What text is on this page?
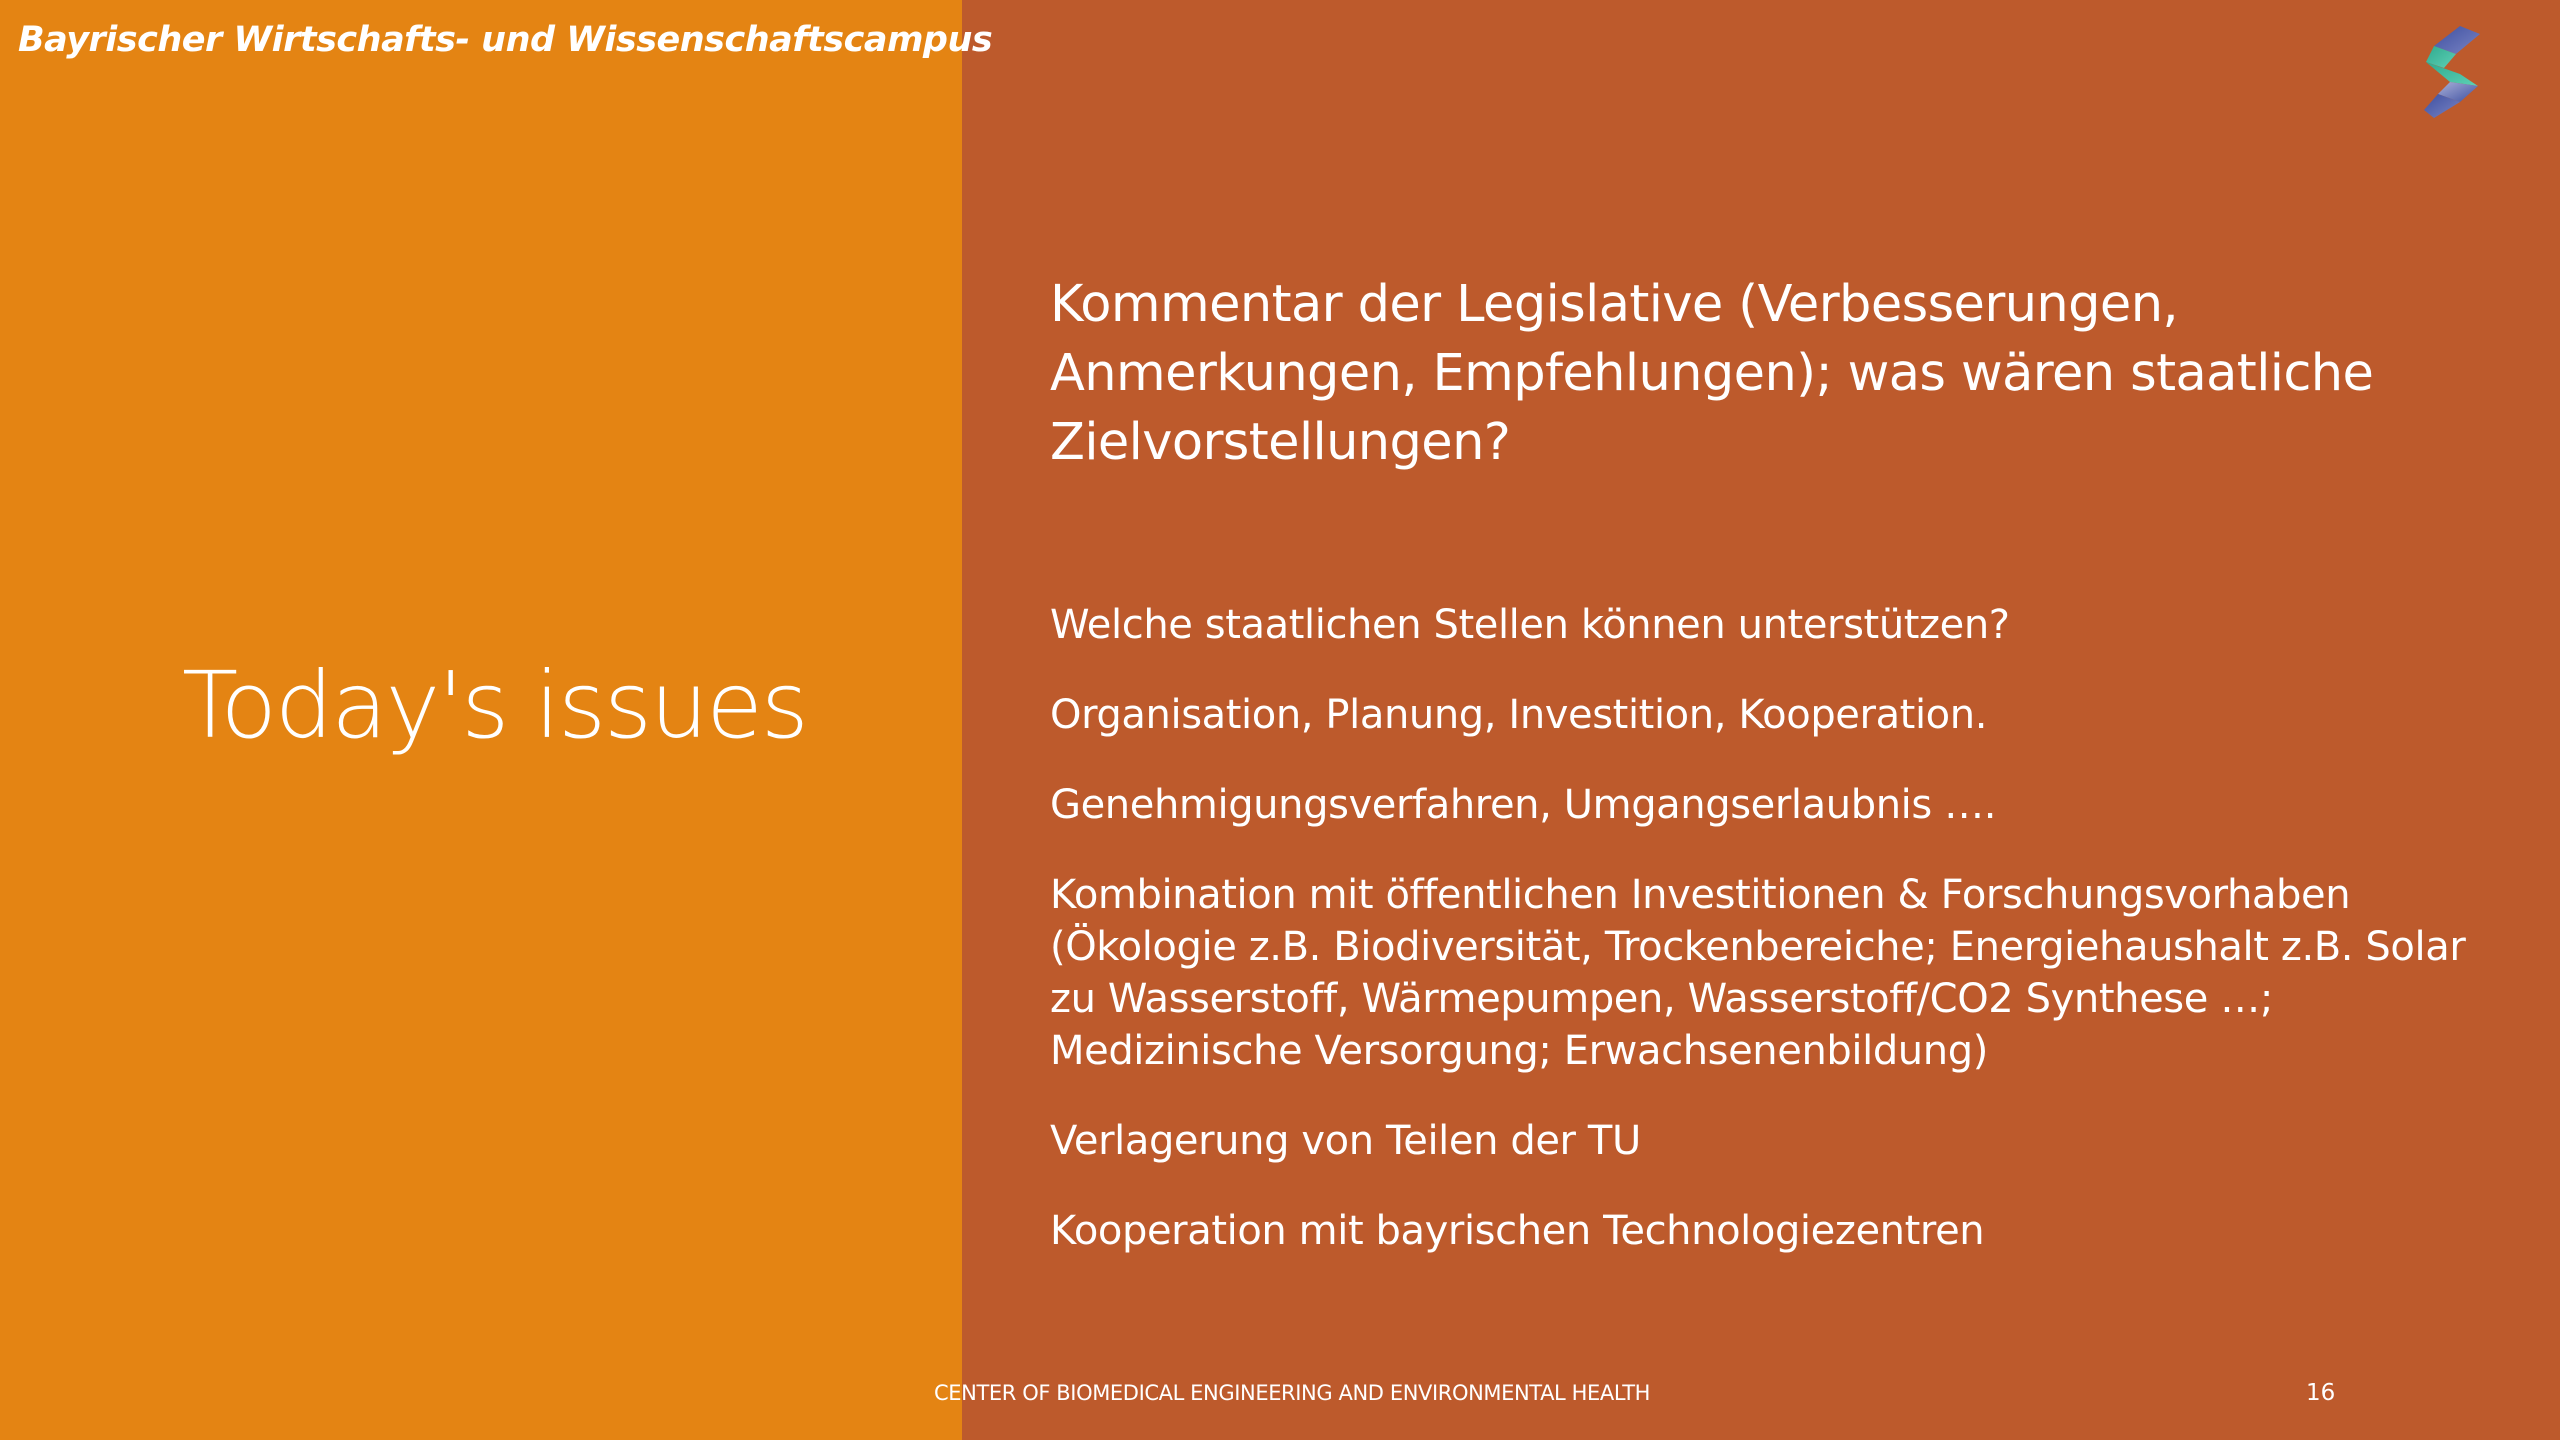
Bayrischer Wirtschafts- und Wissenschaftscampus
Today's issues
Kommentar der Legislative (Verbesserungen, Anmerkungen, Empfehlungen); was wären staatliche Zielvorstellungen?
Welche staatlichen Stellen können unterstützen?
Organisation, Planung, Investition, Kooperation.
Genehmigungsverfahren, Umgangserlaubnis ….
Kombination mit öffentlichen Investitionen & Forschungsvorhaben (Ökologie z.B. Biodiversität, Trockenbereiche; Energiehaushalt z.B. Solar zu Wasserstoff, Wärmepumpen, Wasserstoff/CO2 Synthese …; Medizinische Versorgung; Erwachsenenbildung)
Verlagerung von Teilen der TU
Kooperation mit bayrischen Technologiezentren
CENTER OF BIOMEDICAL ENGINEERING AND ENVIRONMENTAL HEALTH	16
